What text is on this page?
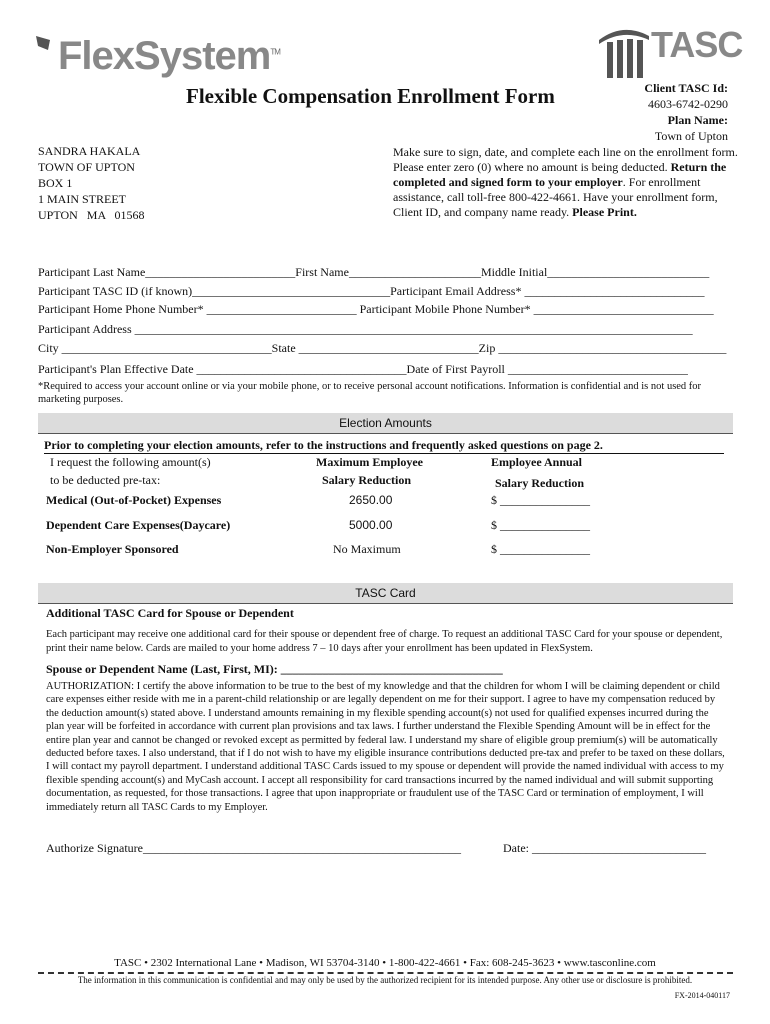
FlexSystem™	TASC
Flexible Compensation Enrollment Form	Client TASC Id:
4603-6742-0290
Plan Name:
Town of Upton
SANDRA HAKALA
TOWN OF UPTON
BOX 1
1 MAIN STREET
UPTON   MA   01568
Make sure to sign, date, and complete each line on the enrollment form. Please enter zero (0) where no amount is being deducted. Return the completed and signed form to your employer. For enrollment assistance, call toll-free 800-422-4661. Have your enrollment form, Client ID, and company name ready. Please Print.
Participant Last Name_________________________First Name______________________Middle Initial___________________________
Participant TASC ID (if known)_________________________________Participant Email Address* ______________________________
Participant Home Phone Number* _________________________ Participant Mobile Phone Number* ______________________________
Participant Address _____________________________________________________________________________________________
City ___________________________________State ______________________________Zip ______________________________________
Participant's Plan Effective Date ___________________________________Date of First Payroll ______________________________
*Required to access your account online or via your mobile phone, or to receive personal account notifications. Information is confidential and is not used for marketing purposes.
Election Amounts
Prior to completing your election amounts, refer to the instructions and frequently asked questions on page 2.
I request the following amount(s)
to be deducted pre-tax:
Maximum Employee
Salary Reduction
Employee Annual
Salary Reduction
Medical (Out-of-Pocket) Expenses	2650.00	$ _______________
Dependent Care Expenses(Daycare)	5000.00	$ _______________
Non-Employer Sponsored	No Maximum	$ _______________
TASC Card
Additional TASC Card for Spouse or Dependent
Each participant may receive one additional card for their spouse or dependent free of charge. To request an additional TASC Card for your spouse or dependent, print their name below. Cards are mailed to your home address 7 – 10 days after your enrollment has been updated in FlexSystem.
Spouse or Dependent Name (Last, First, MI): _____________________________________
AUTHORIZATION: I certify the above information to be true to the best of my knowledge and that the children for whom I will be claiming dependent or child care expenses either reside with me in a parent-child relationship or are legally dependent on me for their support. I agree to have my compensation reduced by the deduction amount(s) stated above. I understand amounts remaining in my flexible spending account(s) not used for qualified expenses incurred during the plan year will be forfeited in accordance with current plan provisions and tax laws. I further understand the Flexible Spending Amount will be in effect for the entire plan year and cannot be changed or revoked except as permitted by federal law. I understand my share of eligible group premium(s) will be automatically deducted before taxes. I also understand, that if I do not wish to have my eligible insurance contributions deducted pre-tax and prefer to be taxed on these dollars, I will contact my payroll department. I understand additional TASC Cards issued to my spouse or dependent will provide the named individual with access to my flexible spending account(s) and MyCash account. I accept all responsibility for card transactions incurred by the named individual and will submit supporting documentation, as requested, for those transactions. I agree that upon inappropriate or fraudulent use of the TASC Card or termination of employment, I will immediately return all TASC Cards to my Employer.
Authorize Signature_____________________________________________________	Date: _____________________________
TASC • 2302 International Lane • Madison, WI 53704-3140 • 1-800-422-4661 • Fax: 608-245-3623 • www.tasconline.com
The information in this communication is confidential and may only be used by the authorized recipient for its intended purpose. Any other use or disclosure is prohibited.
FX-2014-040117
